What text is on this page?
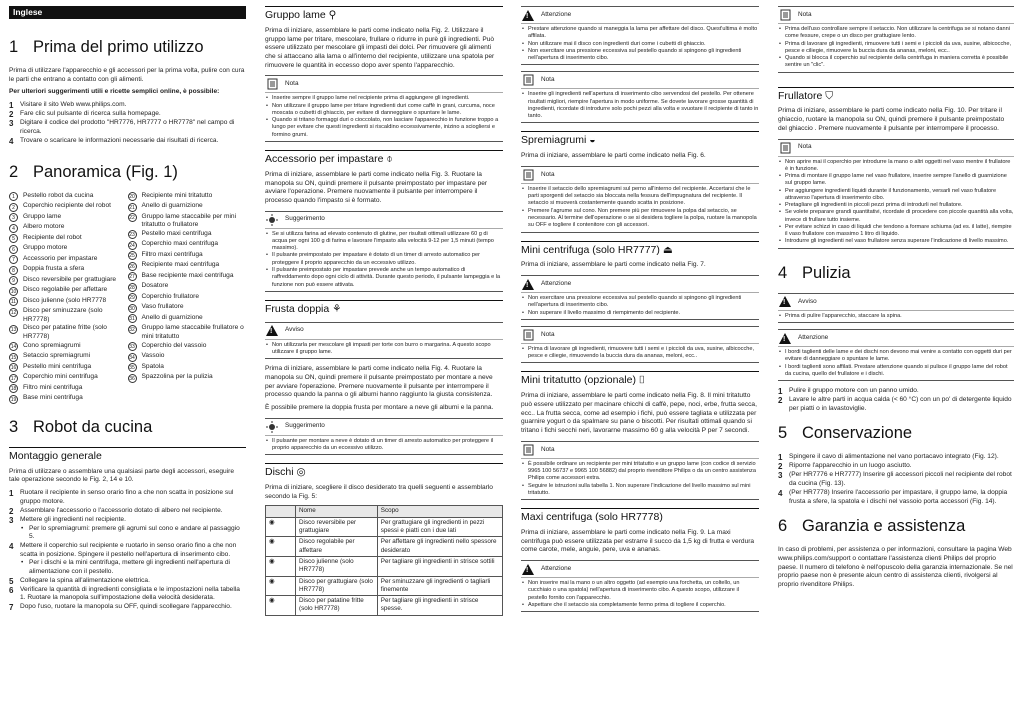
Inglese
1 Prima del primo utilizzo
Prima di utilizzare l'apparecchio e gli accessori per la prima volta, pulire con cura le parti che entrano a contatto con gli alimenti.
Per ulteriori suggerimenti utili e ricette semplici online, è possibile:
1 Visitare il sito Web www.philips.com.
2 Fare clic sul pulsante di ricerca sulla homepage.
3 Digitare il codice del prodotto "HR7776, HR7777 o HR7778" nel campo di ricerca.
4 Trovare o scaricare le informazioni necessarie dai risultati di ricerca.
2 Panoramica (Fig. 1)
1	Pestello robot da cucina
2	Coperchio recipiente del robot
3	Gruppo lame
4	Albero motore
5	Recipiente del robot
6	Gruppo motore
7	Accessorio per impastare
8	Doppia frusta a sfera
9	Disco reversibile per grattugiare
10 Disco regolabile per affettare
11 Disco julienne (solo HR7778
12 Disco per sminuzzare (solo HR7778)
13 Disco per patatine fritte (solo HR7778)
14 Cono spremiagrumi
15 Setaccio spremiagrumi
16 Pestello mini centrifuga
17 Coperchio mini centrifuga
18 Filtro mini centrifuga
19 Base mini centrifuga
20 Recipiente mini tritatutto
21 Anello di guarnizione
22 Gruppo lame staccabile per mini tritatutto o frullatore
23 Pestello maxi centrifuga
24 Coperchio maxi centrifuga
25 Filtro maxi centrifuga
26 Recipiente maxi centrifuga
27 Base recipiente maxi centrifuga
28 Dosatore
29 Coperchio frullatore
30 Vaso frullatore
31 Anello di guarnizione
32 Gruppo lame staccabile frullatore o mini tritatutto
33 Coperchio del vassoio
34 Vassoio
35 Spatola
36 Spazzolina per la pulizia
3 Robot da cucina
Montaggio generale
Prima di utilizzare o assemblare una qualsiasi parte degli accessori, eseguire tale operazione secondo le Fig. 2, 14 e 10.
1 Ruotare il recipiente in senso orario fino a che non scatta in posizione sul gruppo motore.
2 Assemblare l'accessorio o l'accessorio dotato di albero nel recipiente.
3 Mettere gli ingredienti nel recipiente.
• Per lo spremiagrumi: premere gli agrumi sul cono e andare al passaggio 5.
4 Mettere il coperchio sul recipiente e ruotarlo in senso orario fino a che non scatta in posizione. Spingere il pestello nell'apertura di inserimento cibo.
• Per i dischi e la mini centrifuga, mettere gli ingredienti nell'apertura di alimentazione con il pestello.
5 Collegare la spina all'alimentazione elettrica.
6 Verificare la quantità di ingredienti consigliata e le impostazioni nella tabella 1. Ruotare la manopola sull'impostazione della velocità desiderata.
7 Dopo l'uso, ruotare la manopola su OFF, quindi scollegare l'apparecchio.
Gruppo lame ⚲
Prima di iniziare, assemblare le parti come indicato nella Fig. 2. Utilizzare il gruppo lame per tritare, mescolare, frullare o ridurre in purè gli ingredienti. Può essere utilizzato per mescolare gli impasti dei dolci. Per rimuovere gli alimenti che si attaccano alla lama o all'interno del recipiente, utilizzare una spatola per rimuovere le quantità in eccesso dopo aver spento l'apparecchio.
Nota
• Inserire sempre il gruppo lame nel recipiente prima di aggiungere gli ingredienti.
• Non utilizzare il gruppo lame per tritare ingredienti duri come caffè in grani, curcuma, noce moscata o cubetti di ghiaccio, per evitare di danneggiare o spuntare le lame.
• Quando si tritano formaggi duri o cioccolato, non lasciare l'apparecchio in funzione troppo a lungo per evitare che questi ingredienti si riscaldino eccessivamente, inizino a sciogliersi e formino grumi.
Accessorio per impastare ⌽
Prima di iniziare, assemblare le parti come indicato nella Fig. 3. Ruotare la manopola su ON, quindi premere il pulsante preimpostato per impastare per avviare l'operazione. Premere nuovamente il pulsante per interrompere il processo quando l'impasto si è formato.
Suggerimento
• Se si utilizza farina ad elevato contenuto di glutine, per risultati ottimali utilizzare 60 g di acqua per ogni 100 g di farina e lavorare l'impasto alla velocità 9-12 per 1,5 minuti (tempo massimo).
• Il pulsante preimpostato per impastare è dotato di un timer di arresto automatico per proteggere il proprio apparecchio da un eccessivo utilizzo.
• Il pulsante preimpostato per impastare prevede anche un tempo automatico di raffreddamento dopo ogni ciclo di attività. Durante questo periodo, il pulsante lampeggia e la funzione non può essere attivata.
Frusta doppia ⚘
!
Avviso
• Non utilizzarla per mescolare gli impasti per torte con burro o margarina. A questo scopo utilizzare il gruppo lame.
Prima di iniziare, assemblare le parti come indicato nella Fig. 4. Ruotare la manopola su ON, quindi premere il pulsante preimpostato per montare a neve per avviare l'operazione. Premere nuovamente il pulsante per interrompere il processo quando la panna o gli albumi hanno raggiunto la giusta consistenza.
È possibile premere la doppia frusta per montare a neve gli albumi e la panna.
Suggerimento
• Il pulsante per montare a neve è dotato di un timer di arresto automatico per proteggere il proprio apparecchio da un eccessivo utilizzo.
Dischi ◎
Prima di iniziare, scegliere il disco desiderato tra quelli seguenti e assemblarlo secondo la Fig. 5:
	Nome	Scopo
◉	Disco reversibile per grattugiare	Per grattugiare gli ingredienti in pezzi spessi e piatti con i due lati
◉	Disco regolabile per affettare	Per affettare gli ingredienti nello spessore desiderato
◉	Disco julienne (solo HR7778)	Per tagliare gli ingredienti in strisce sottili
◉	Disco per grattugiare (solo HR7778)	Per sminuzzare gli ingredienti o tagliarli finemente
◉	Disco per patatine fritte (solo HR7778)	Per tagliare gli ingredienti in strisce spesse.
!
Attenzione
• Prestare attenzione quando si maneggia la lama per affettare del disco. Quest'ultima è molto affilata.
• Non utilizzare mai il disco con ingredienti duri come i cubetti di ghiaccio.
• Non esercitare una pressione eccessiva sul pestello quando si spingono gli ingredienti nell'apertura di inserimento cibo.
Nota
• Inserire gli ingredienti nell'apertura di inserimento cibo servendosi del pestello. Per ottenere risultati migliori, riempire l'apertura in modo uniforme. Se dovete lavorare grosse quantità di ingredienti, ricordate di introdurre solo pochi pezzi alla volta e svuotare il recipiente di tanto in tanto.
Spremiagrumi ◒
Prima di iniziare, assemblare le parti come indicato nella Fig. 6.
Nota
• Inserire il setaccio dello spremiagrumi sul perno all'interno del recipiente. Accertarsi che le parti sporgenti del setaccio sia bloccata nella fessura dell'impugnatura del recipiente. Il setaccio si muoverà costantemente quando scatta in posizione.
• Premere l'agrume sul cono. Non premere più per rimuovere la polpa dal setaccio, se necessario. Al termine dell'operazione o se si desidera togliere la polpa, ruotare la manopola su OFF e togliere il contenitore con gli accessori.
Mini centrifuga (solo HR7777) ⏏
Prima di iniziare, assemblare le parti come indicato nella Fig. 7.
!
Attenzione
• Non esercitare una pressione eccessiva sul pestello quando si spingono gli ingredienti nell'apertura di inserimento cibo.
• Non superare il livello massimo di riempimento del recipiente.
Nota
• Prima di lavorare gli ingredienti, rimuovere tutti i semi e i piccioli da uva, susine, albicocche, pesce e ciliegie, rimuovendo la buccia dura da ananas, meloni, ecc..
Mini tritatutto (opzionale) ⌷
Prima di iniziare, assemblare le parti come indicato nella Fig. 8. Il mini tritatutto può essere utilizzato per macinare chicchi di caffè, pepe, noci, erbe, frutta secca, ecc.. La frutta secca, come ad esempio i fichi, può essere tagliata e utilizzata per guarnire yogurt o da spalmare su pane o biscotti. Per risultati ottimali quando si tritano i fichi secchi neri, lavorarne massimo 60 g alla velocità P per 7 secondi.
Nota
• È possibile ordinare un recipiente per mini tritatutto e un gruppo lame (con codice di servizio 9965 100 56737 e 9965 100 56882) dal proprio rivenditore Philips o da un centro assistenza Philips come accessori extra.
• Seguire le istruzioni sulla tabella 1. Non superare l'indicazione del livello massimo sul mini tritatutto.
Maxi centrifuga (solo HR7778)
Prima di iniziare, assemblare le parti come indicato nella Fig. 9. La maxi centrifuga può essere utilizzata per estrarre il succo da 1,5 kg di frutta e verdura come carote, mele, anguie, pere, uva e ananas.
!
Attenzione
• Non inserire mai la mano o un altro oggetto (ad esempio una forchetta, un coltello, un cucchiaio o una spatola) nell'apertura di inserimento cibo. A questo scopo, utilizzare il pestello fornito con l'apparecchio.
• Aspettare che il setaccio sia completamente fermo prima di togliere il coperchio.
Nota
• Prima dell'uso controllare sempre il setaccio. Non utilizzare la centrifuga se si notano danni come fessure, crepe o un disco per grattugiare lento.
• Prima di lavorare gli ingredienti, rimuovere tutti i semi e i piccioli da uva, susine, albicocche, pesce e ciliegie, rimuovere la buccia dura da ananas, meloni, ecc..
• Quando si blocca il coperchio sul recipiente della centrifuga in maniera corretta è possibile sentire un "clic".
Frullatore ⛉
Prima di iniziare, assemblare le parti come indicato nella Fig. 10. Per tritare il ghiaccio, ruotare la manopola su ON, quindi premere il pulsante preimpostato del ghiaccio . Premere nuovamente il pulsante per interrompere il processo.
Nota
• Non aprire mai il coperchio per introdurre la mano o altri oggetti nel vaso mentre il frullatore è in funzione.
• Prima di montare il gruppo lame nel vaso frullatore, inserire sempre l'anello di guarnizione sul gruppo lame.
• Per aggiungere ingredienti liquidi durante il funzionamento, versarli nel vaso frullatore attraverso l'apertura di inserimento cibo.
• Pretagliare gli ingredienti in piccoli pezzi prima di introdurli nel frullatore.
• Se volete preparare grandi quantitativi, ricordate di procedere con piccole quantità alla volta, invece di frullare tutto insieme.
• Per evitare schizzi in caso di liquidi che tendono a formare schiuma (ad es. il latte), riempire il vaso frullatore con massimo 1 litro di liquido.
• Introdurre gli ingredienti nel vaso frullatore senza superare l'indicazione di livello massimo.
4 Pulizia
!
Avviso
• Prima di pulire l'apparecchio, staccare la spina.
!
Attenzione
• I bordi taglienti delle lame e dei dischi non devono mai venire a contatto con oggetti duri per evitare di danneggiare o spuntare le lame.
• I bordi taglienti sono affilati. Prestare attenzione quando si pulisce il gruppo lame del robot da cucina, quello del frullatore e i dischi.
1 Pulire il gruppo motore con un panno umido.
2 Lavare le altre parti in acqua calda (< 60 °C) con un po' di detergente liquido per piatti o in lavastoviglie.
5 Conservazione
1 Spingere il cavo di alimentazione nel vano portacavo integrato (Fig. 12).
2 Riporre l'apparecchio in un luogo asciutto.
3 (Per HR7776 e HR7777) Inserire gli accessori piccoli nel recipiente del robot da cucina (Fig. 13).
4 (Per HR7778) Inserire l'accessorio per impastare, il gruppo lame, la doppia frusta a sfere, la spatola e i dischi nel vassoio porta accessori (Fig. 14).
6 Garanzia e assistenza
In caso di problemi, per assistenza o per informazioni, consultare la pagina Web www.philips.com/support o contattare l'assistenza clienti Philips del proprio paese. Il numero di telefono è nell'opuscolo della garanzia internazionale. Se nel proprio paese non è presente alcun centro di assistenza clienti, rivolgersi al proprio rivenditore Philips.
